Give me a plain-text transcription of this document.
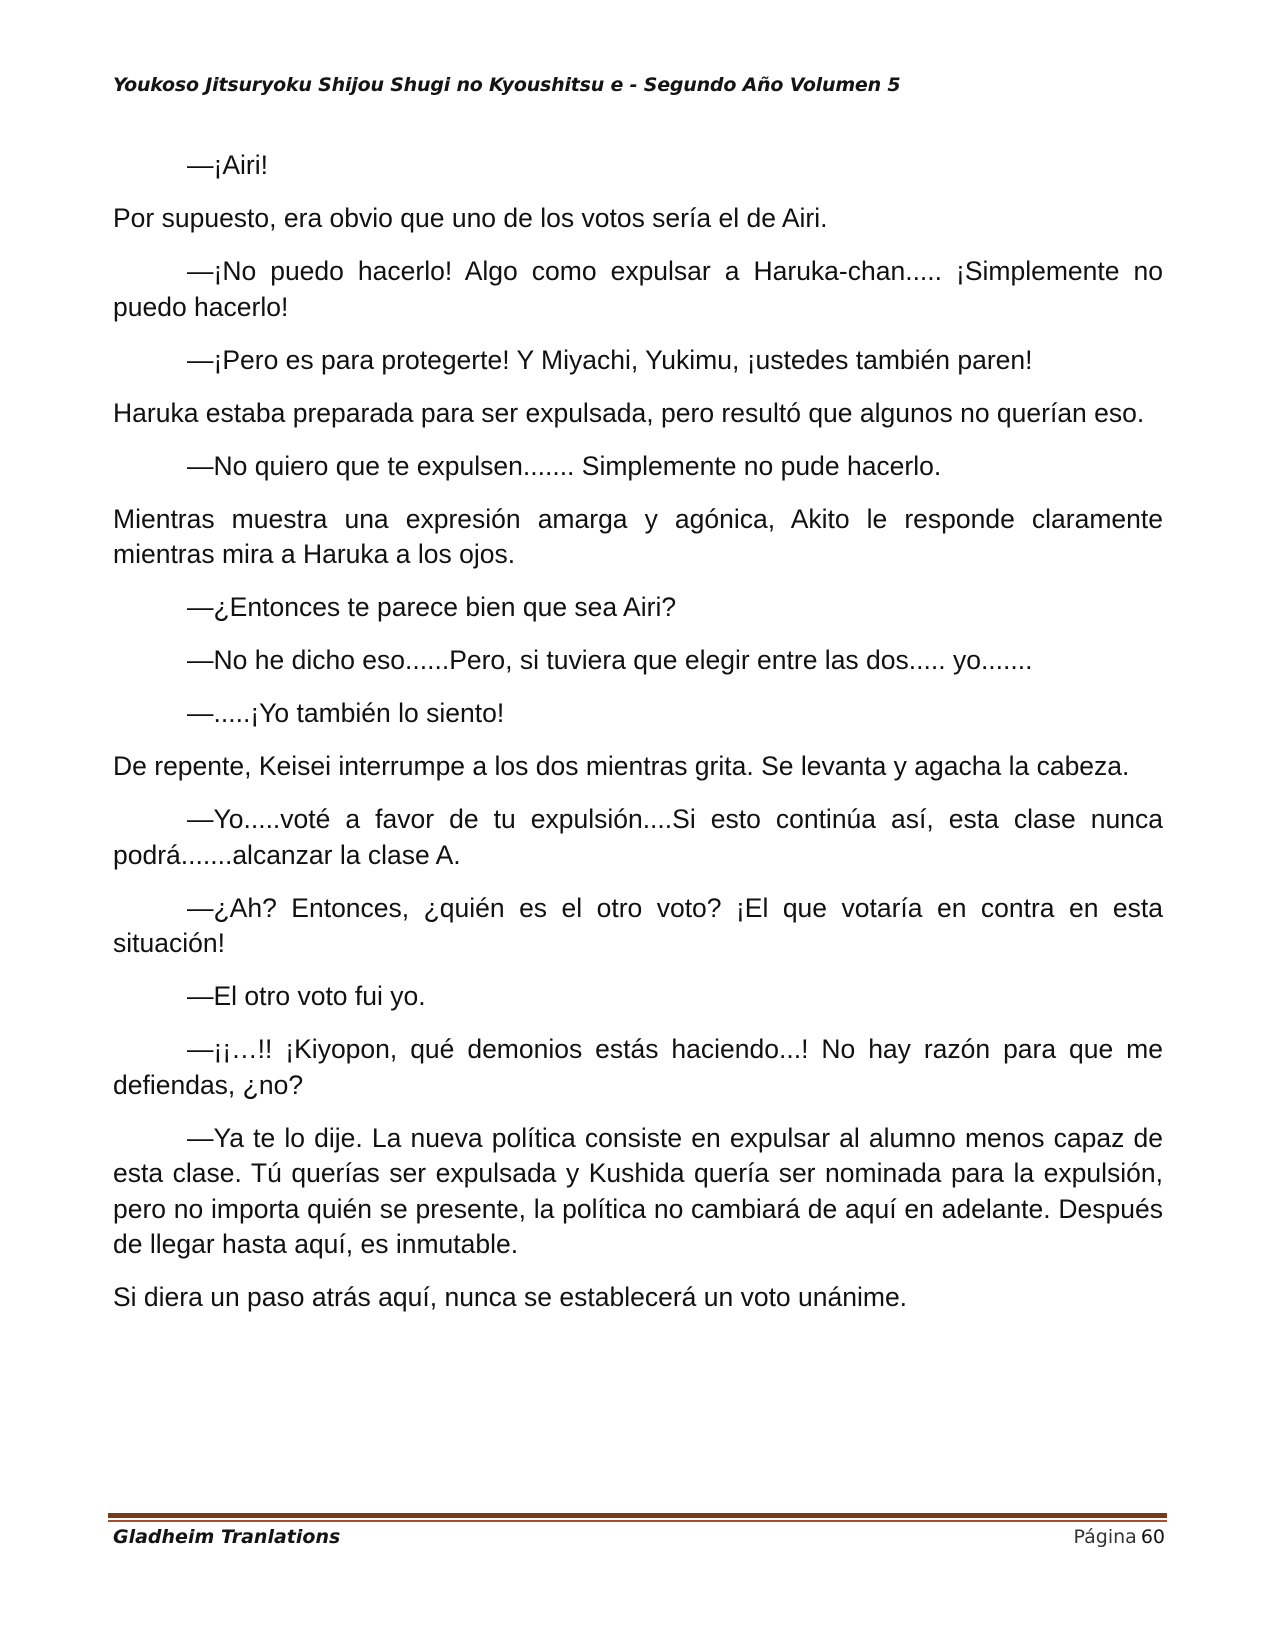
Youkoso Jitsuryoku Shijou Shugi no Kyoushitsu e - Segundo Año Volumen 5

—¡Airi!

Por supuesto, era obvio que uno de los votos sería el de Airi.

—¡No puedo hacerlo! Algo como expulsar a Haruka-chan..... ¡Simplemente no puedo hacerlo!

—¡Pero es para protegerte! Y Miyachi, Yukimu, ¡ustedes también paren!

Haruka estaba preparada para ser expulsada, pero resultó que algunos no querían eso.

—No quiero que te expulsen....... Simplemente no pude hacerlo.

Mientras muestra una expresión amarga y agónica, Akito le responde claramente mientras mira a Haruka a los ojos.

—¿Entonces te parece bien que sea Airi?

—No he dicho eso......Pero, si tuviera que elegir entre las dos..... yo.......

—.....¡Yo también lo siento!

De repente, Keisei interrumpe a los dos mientras grita. Se levanta y agacha la cabeza.

—Yo.....voté a favor de tu expulsión....Si esto continúa así, esta clase nunca podrá.......alcanzar la clase A.

—¿Ah? Entonces, ¿quién es el otro voto? ¡El que votaría en contra en esta situación!

—El otro voto fui yo.

—¡¡…!! ¡Kiyopon, qué demonios estás haciendo...! No hay razón para que me defiendas, ¿no?

—Ya te lo dije. La nueva política consiste en expulsar al alumno menos capaz de esta clase. Tú querías ser expulsada y Kushida quería ser nominada para la expulsión, pero no importa quién se presente, la política no cambiará de aquí en adelante. Después de llegar hasta aquí, es inmutable.

Si diera un paso atrás aquí, nunca se establecerá un voto unánime.

Gladheim Tranlations	Página 60
